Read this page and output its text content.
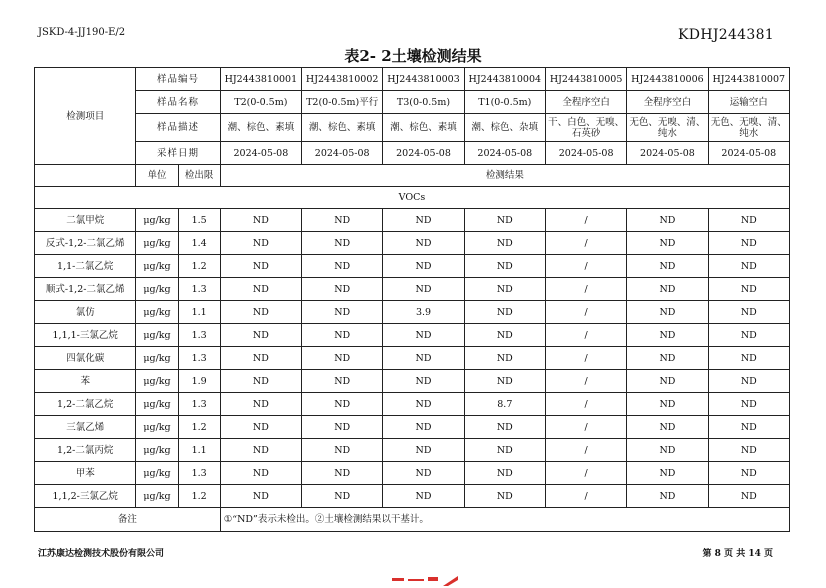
JSKD-4-JJ190-E/2	KDHJ244381
表2- 2土壤检测结果
检测项目	样品编号		HJ2443810001	HJ2443810002	HJ2443810003	HJ2443810004	HJ2443810005	HJ2443810006	HJ2443810007
	样品名称		T2(0-0.5m)	T2(0-0.5m)平行	T3(0-0.5m)	T1(0-0.5m)	全程序空白	全程序空白	运输空白
	样品描述		潮、棕色、素填	潮、棕色、素填	潮、棕色、素填	潮、棕色、杂填	干、白色、无嗅、石英砂	无色、无嗅、清、纯水	无色、无嗅、清、纯水
	采样日期		2024-05-08	2024-05-08	2024-05-08	2024-05-08	2024-05-08	2024-05-08	2024-05-08
	单位	检出限	检测结果						
VOCs									
二氯甲烷	μg/kg	1.5	ND	ND	ND	ND	/	ND	ND
反式-1,2-二氯乙烯	μg/kg	1.4	ND	ND	ND	ND	/	ND	ND
1,1-二氯乙烷	μg/kg	1.2	ND	ND	ND	ND	/	ND	ND
顺式-1,2-二氯乙烯	μg/kg	1.3	ND	ND	ND	ND	/	ND	ND
氯仿	μg/kg	1.1	ND	ND	3.9	ND	/	ND	ND
1,1,1-三氯乙烷	μg/kg	1.3	ND	ND	ND	ND	/	ND	ND
四氯化碳	μg/kg	1.3	ND	ND	ND	ND	/	ND	ND
苯	μg/kg	1.9	ND	ND	ND	ND	/	ND	ND
1,2-二氯乙烷	μg/kg	1.3	ND	ND	ND	8.7	/	ND	ND
三氯乙烯	μg/kg	1.2	ND	ND	ND	ND	/	ND	ND
1,2-二氯丙烷	μg/kg	1.1	ND	ND	ND	ND	/	ND	ND
甲苯	μg/kg	1.3	ND	ND	ND	ND	/	ND	ND
1,1,2-三氯乙烷	μg/kg	1.2	ND	ND	ND	ND	/	ND	ND
备注			①“ND”表示未检出。②土壤检测结果以干基计。						
江苏康达检测技术股份有限公司	第 8 页 共 14 页
